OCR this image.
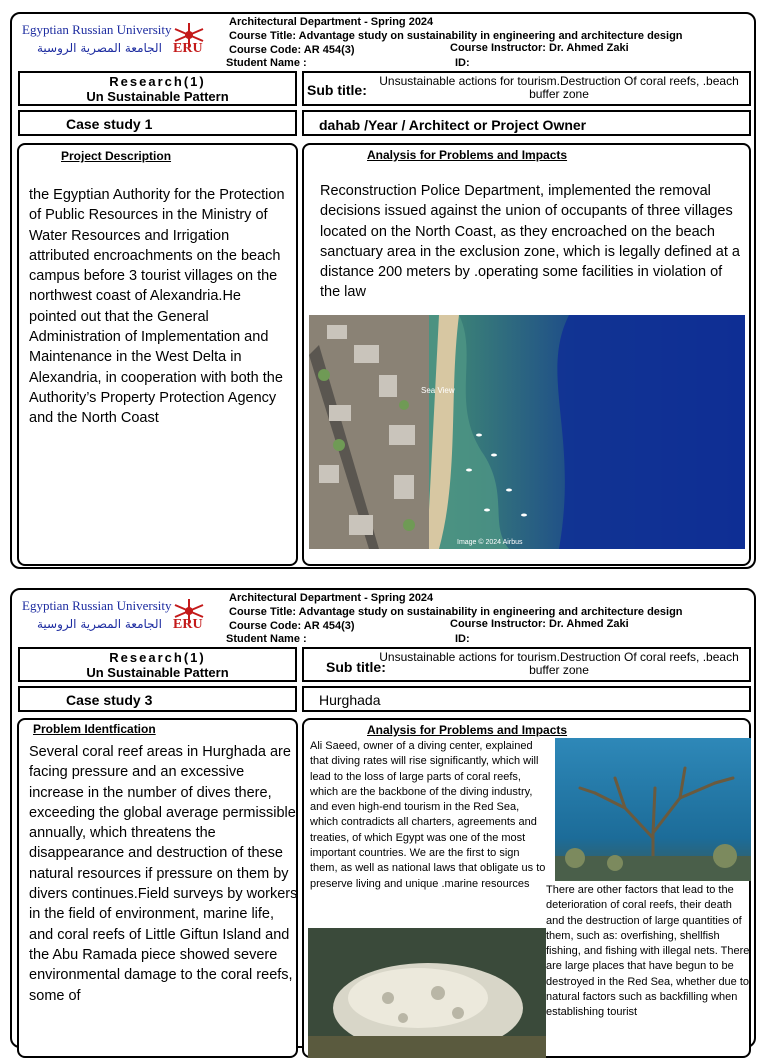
Egyptian Russian University
الجامعة المصرية الروسية ERU
Architectural Department - Spring 2024
Course Title: Advantage study on sustainability in engineering and architecture design
Course Code: AR 454(3)	Course Instructor: Dr. Ahmed Zaki
Student Name :	ID:
Research(1)
Un Sustainable Pattern	Sub title:
Unsustainable actions for tourism.Destruction Of coral reefs, .beach buffer zone
Case study 1	dahab /Year / Architect or Project Owner
Project Description
the Egyptian Authority for the Protection of Public Resources in the Ministry of Water Resources and Irrigation attributed encroachments on the beach campus before 3 tourist villages on the northwest coast of Alexandria.He pointed out that the General Administration of Implementation and Maintenance in the West Delta in Alexandria, in cooperation with both the Authority’s Property Protection Agency and the North Coast
Analysis for Problems and Impacts
Reconstruction Police Department, implemented the removal decisions issued against the union of occupants of three villages located on the North Coast, as they encroached on the beach sanctuary area in the exclusion zone, which is legally defined at a distance 200 meters by .operating some facilities in violation of the law
Sea View
Image © 2024 Airbus
Egyptian Russian University
الجامعة المصرية الروسية ERU
Architectural Department - Spring 2024
Course Title: Advantage study on sustainability in engineering and architecture design
Course Code: AR 454(3)	Course Instructor: Dr. Ahmed Zaki
Student Name :	ID:
Research(1)
Un Sustainable Pattern	Sub title:
Unsustainable actions for tourism.Destruction Of coral reefs, .beach buffer zone
Case study 3	Hurghada
Problem Identfication
Several coral reef areas in Hurghada are facing pressure and an excessive increase in the number of dives there, exceeding the global average permissible annually, which threatens the disappearance and destruction of these natural resources if pressure on them by divers continues.Field surveys by workers in the field of environment, marine life, and coral reefs of Little Giftun Island and the Abu Ramada piece showed severe environmental damage to the coral reefs, some of
Analysis for Problems and Impacts
Ali Saeed, owner of a diving center, explained that diving rates will rise significantly, which will lead to the loss of large parts of coral reefs, which are the backbone of the diving industry, and even high-end tourism in the Red Sea, which contradicts all charters, agreements and treaties, of which Egypt was one of the most important countries. We are the first to sign them, as well as national laws that obligate us to preserve living and unique .marine resources
There are other factors that lead to the deterioration of coral reefs, their death and the destruction of large quantities of them, such as: overfishing, shellfish fishing, and fishing with illegal nets. There are large places that have begun to be destroyed in the Red Sea, whether due to natural factors such as backfilling when establishing tourist
